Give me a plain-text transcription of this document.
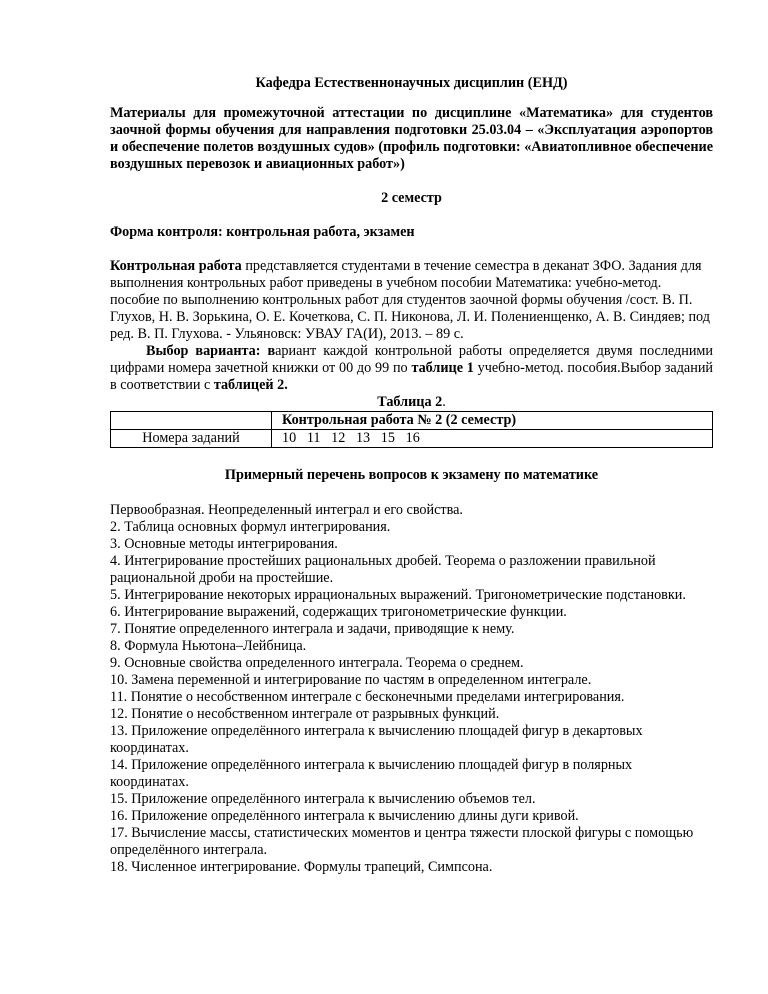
Кафедра Естественнонаучных дисциплин (ЕНД)
Материалы для промежуточной аттестации по дисциплине «Математика» для студентов заочной формы обучения для направления подготовки 25.03.04 – «Эксплуатация аэропортов и обеспечение полетов воздушных судов» (профиль подготовки: «Авиатопливное обеспечение воздушных перевозок и авиационных работ»)
2 семестр
Форма контроля: контрольная работа, экзамен

Контрольная работа представляется студентами в течение семестра в деканат ЗФО. Задания для выполнения контрольных работ приведены в учебном пособии Математика: учебно-метод. пособие по выполнению контрольных работ для студентов заочной формы обучения /сост. В. П. Глухов, Н. В. Зорькина, О. Е. Кочеткова, С. П. Никонова, Л. И. Полениенщенко, А. В. Синдяев; под ред. В. П. Глухова. - Ульяновск: УВАУ ГА(И), 2013. – 89 с.

Выбор варианта: вариант каждой контрольной работы определяется двумя последними цифрами номера зачетной книжки от 00 до 99 по таблице 1 учебно-метод. пособия.Выбор заданий в соответствии с таблицей 2.

Таблица 2.
	Контрольная работа № 2 (2 семестр)
Номера заданий	10   11   12   13   15   16
Примерный перечень вопросов к экзамену по математике
Первообразная. Неопределенный интеграл и его свойства.
2. Таблица основных формул интегрирования.
3. Основные методы интегрирования.
4. Интегрирование простейших рациональных дробей. Теорема о разложении правильной рациональной дроби на простейшие.
5. Интегрирование некоторых иррациональных выражений. Тригонометрические подстановки.
6. Интегрирование выражений, содержащих тригонометрические функции.
7. Понятие определенного интеграла и задачи, приводящие к нему.
8. Формула Ньютона–Лейбница.
9. Основные свойства определенного интеграла. Теорема о среднем.
10. Замена переменной и интегрирование по частям в определенном интеграле.
11. Понятие о несобственном интеграле с бесконечными пределами интегрирования.
12. Понятие о несобственном интеграле от разрывных функций.
13. Приложение определённого интеграла к вычислению площадей фигур в декартовых координатах.
14. Приложение определённого интеграла к вычислению площадей фигур в полярных координатах.
15. Приложение определённого интеграла к вычислению объемов тел.
16. Приложение определённого интеграла к вычислению длины дуги кривой.
17. Вычисление массы, статистических моментов и центра тяжести плоской фигуры с помощью определённого интеграла.
18. Численное интегрирование. Формулы трапеций, Симпсона.
